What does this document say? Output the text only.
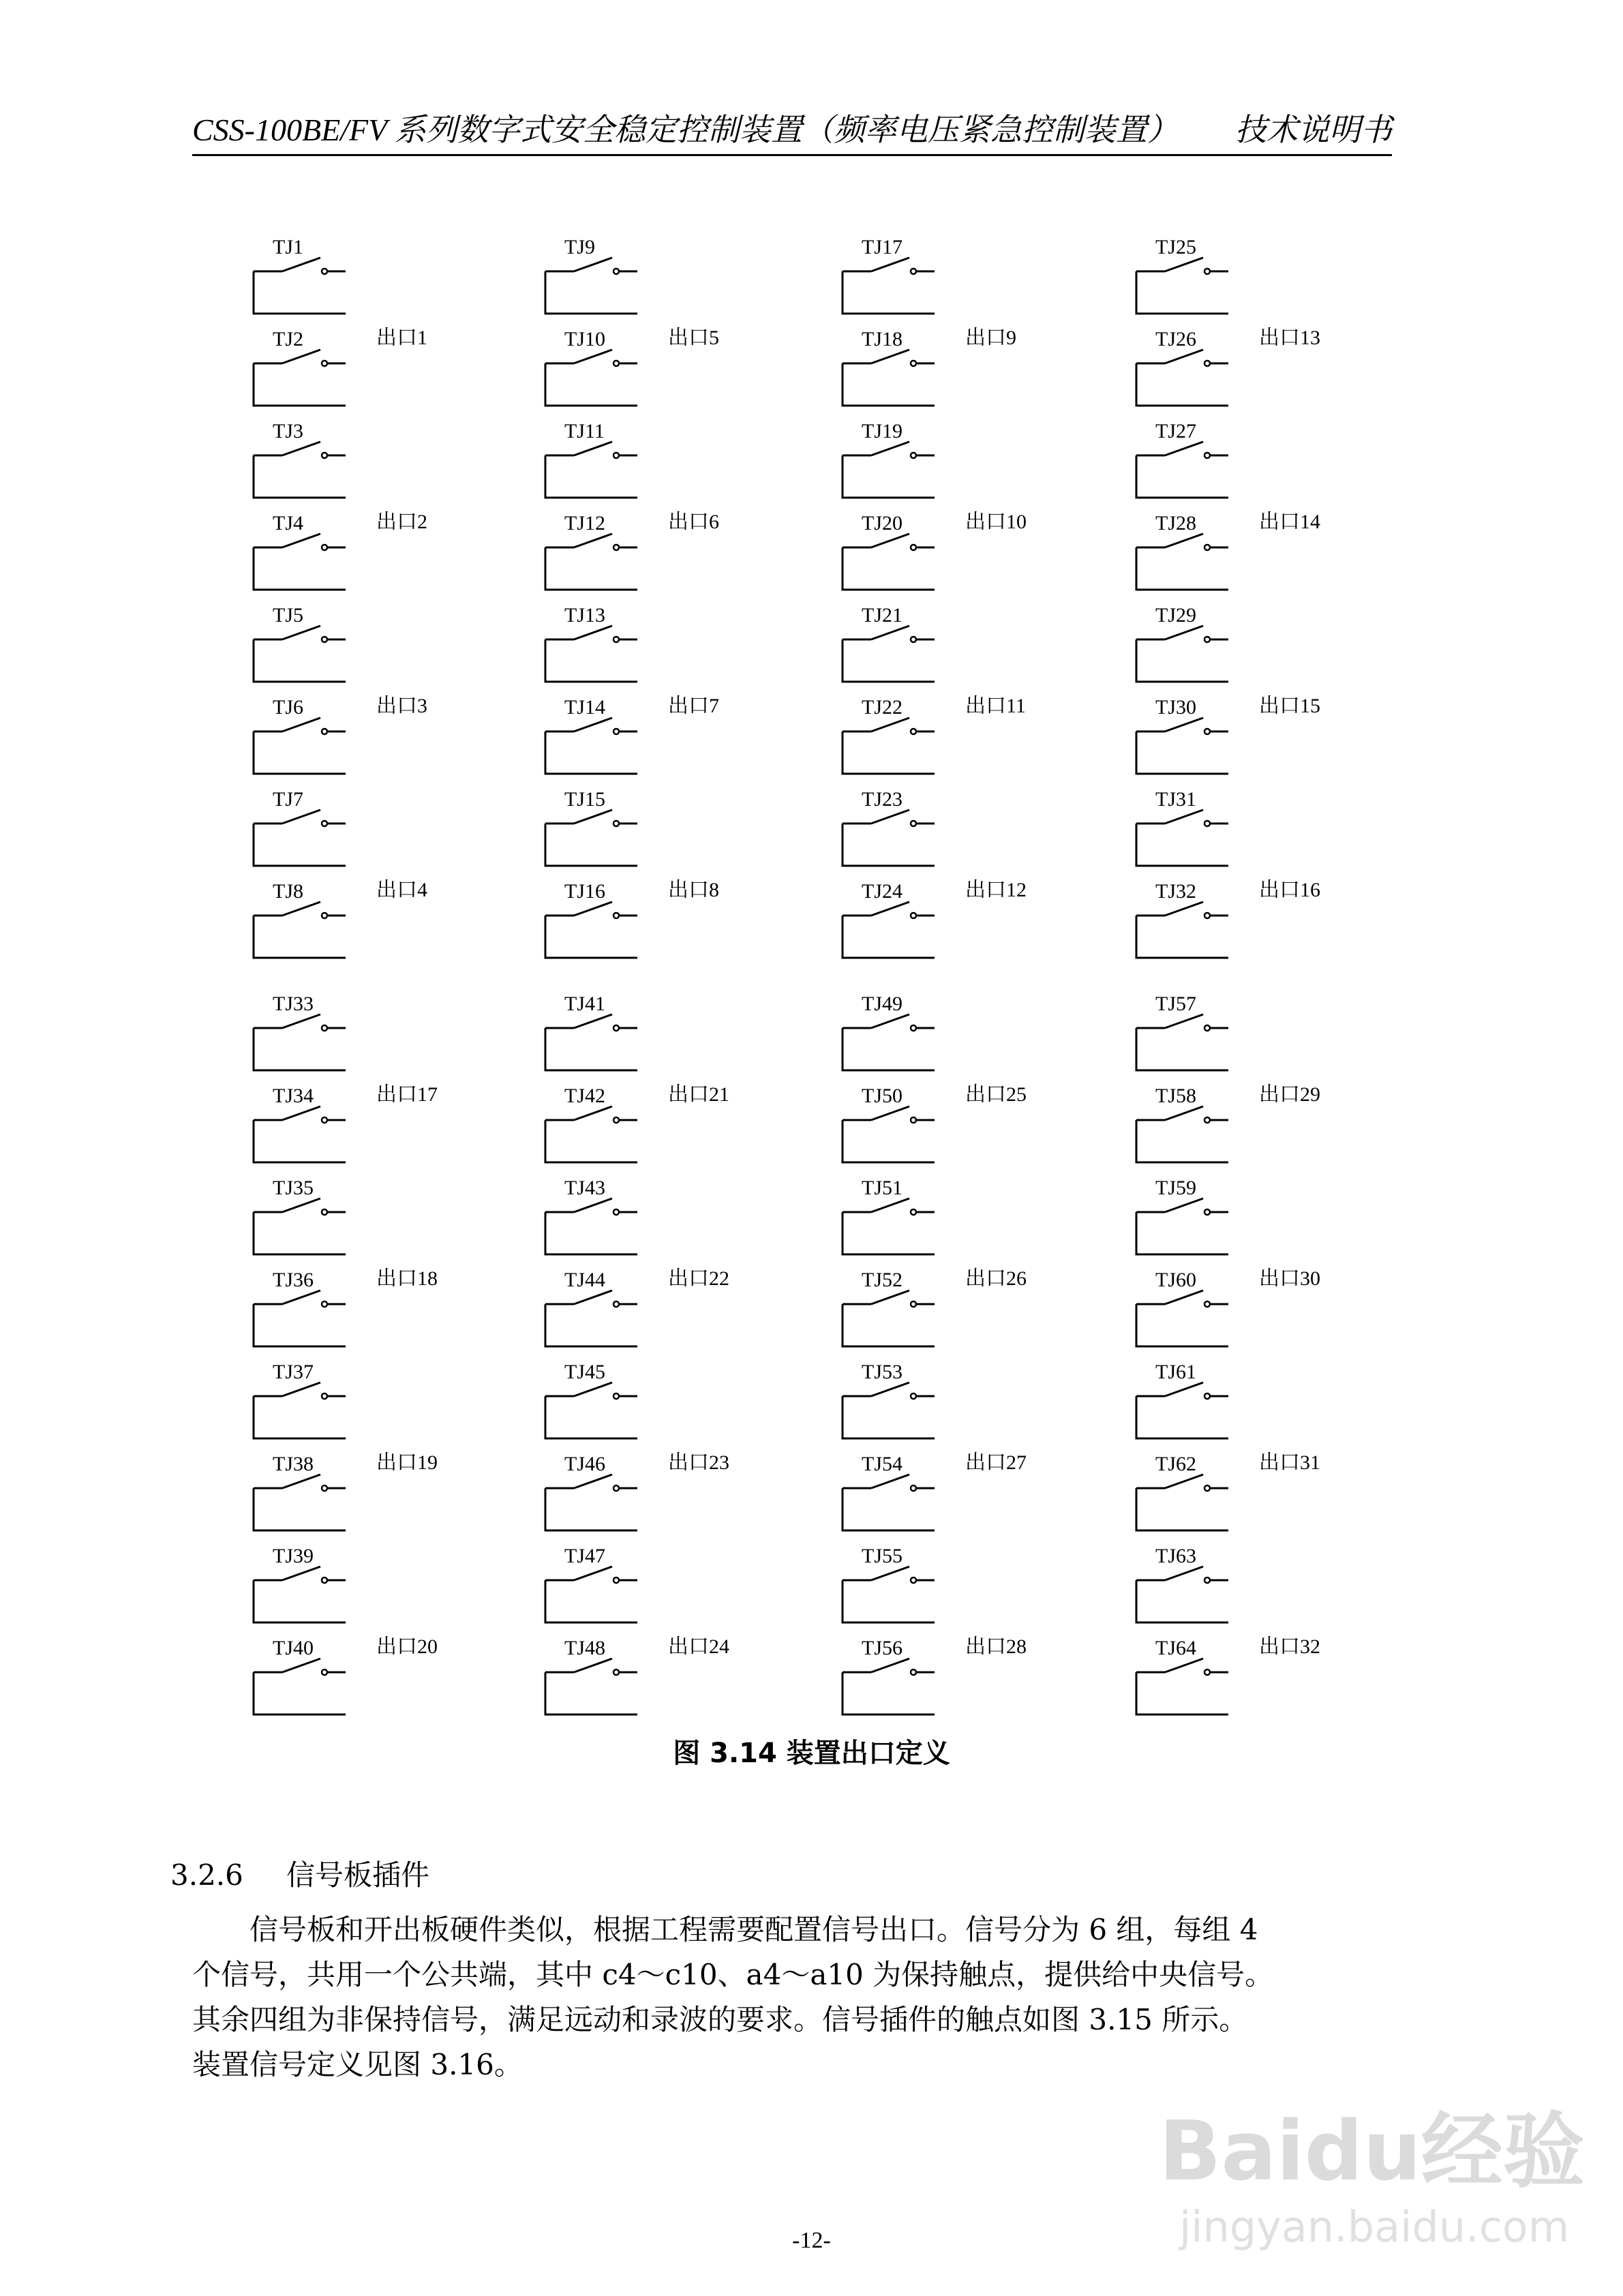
CSS-100BE/FV 系列数字式安全稳定控制装置（频率电压紧急控制装置） 技术说明书
TJ1
TJ2
TJ3
TJ4
TJ5
TJ6
TJ7
TJ8
出口1
出口2
出口3
出口4
TJ9
TJ10
TJ11
TJ12
TJ13
TJ14
TJ15
TJ16
出口5
出口6
出口7
出口8
TJ17
TJ18
TJ19
TJ20
TJ21
TJ22
TJ23
TJ24
出口9
出口10
出口11
出口12
TJ25
TJ26
TJ27
TJ28
TJ29
TJ30
TJ31
TJ32
出口13
出口14
出口15
出口16
TJ33
TJ34
TJ35
TJ36
TJ37
TJ38
TJ39
TJ40
出口17
出口18
出口19
出口20
TJ41
TJ42
TJ43
TJ44
TJ45
TJ46
TJ47
TJ48
出口21
出口22
出口23
出口24
TJ49
TJ50
TJ51
TJ52
TJ53
TJ54
TJ55
TJ56
出口25
出口26
出口27
出口28
TJ57
TJ58
TJ59
TJ60
TJ61
TJ62
TJ63
TJ64
出口29
出口30
出口31
出口32
图 3.14 装置出口定义
3.2.6 信号板插件
信号板和开出板硬件类似，根据工程需要配置信号出口。信号分为 6 组，每组 4
个信号，共用一个公共端，其中 c4～c10、a4～a10 为保持触点，提供给中央信号。
其余四组为非保持信号，满足远动和录波的要求。信号插件的触点如图 3.15 所示。
装置信号定义见图 3.16。
-12-
Baidu经验
jingyan.baidu.com
